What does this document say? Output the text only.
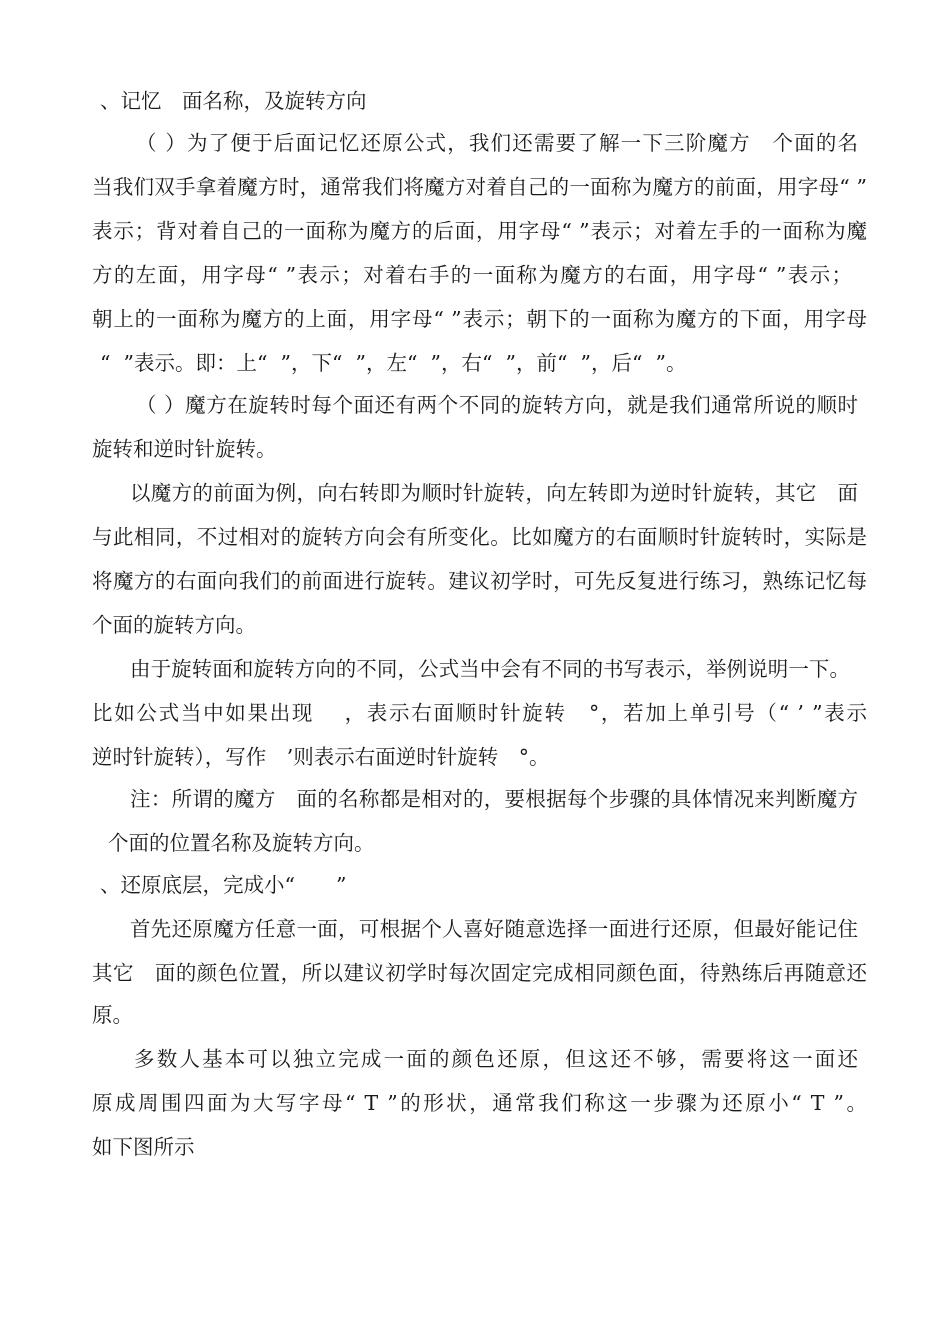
、记忆　面名称，及旋转方向
（ ）为了便于后面记忆还原公式，我们还需要了解一下三阶魔方　个面的名
当我们双手拿着魔方时，通常我们将魔方对着自己的一面称为魔方的前面，用字母“ ”
表示；背对着自己的一面称为魔方的后面，用字母“ ”表示；对着左手的一面称为魔
方的左面，用字母“ ”表示；对着右手的一面称为魔方的右面，用字母“ ”表示；
朝上的一面称为魔方的上面，用字母“ ”表示；朝下的一面称为魔方的下面，用字母
“  ”表示。即：上“  ”，下“  ”，左“  ”，右“  ”，前“  ”，后“  ”。
（ ）魔方在旋转时每个面还有两个不同的旋转方向，就是我们通常所说的顺时
旋转和逆时针旋转。
以魔方的前面为例，向右转即为顺时针旋转，向左转即为逆时针旋转，其它　面
与此相同，不过相对的旋转方向会有所变化。比如魔方的右面顺时针旋转时，实际是
将魔方的右面向我们的前面进行旋转。建议初学时，可先反复进行练习，熟练记忆每
个面的旋转方向。
由于旋转面和旋转方向的不同，公式当中会有不同的书写表示，举例说明一下。
比如公式当中如果出现　 ，表示右面顺时针旋转　°，若加上单引号（“ ’ ”表示
逆时针旋转），写作　’则表示右面逆时针旋转　°。
注：所谓的魔方　面的名称都是相对的，要根据每个步骤的具体情况来判断魔方
个面的位置名称及旋转方向。
、还原底层，完成小“　　”
首先还原魔方任意一面，可根据个人喜好随意选择一面进行还原，但最好能记住
其它　面的颜色位置，所以建议初学时每次固定完成相同颜色面，待熟练后再随意还
原。
多数人基本可以独立完成一面的颜色还原，但这还不够，需要将这一面还
原成周围四面为大写字母“ T ”的形状，通常我们称这一步骤为还原小“ T ”。
如下图所示
